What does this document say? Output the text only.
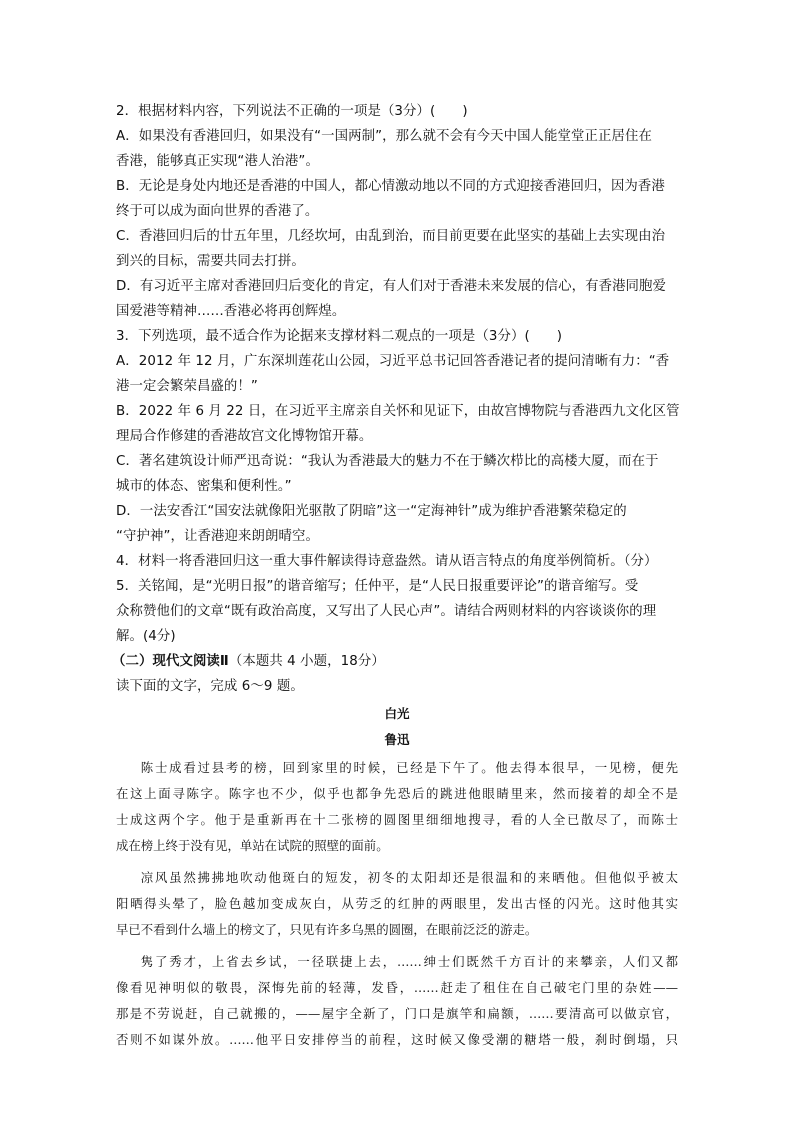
2．根据材料内容，下列说法不正确的一项是（3分）(　　)

A．如果没有香港回归，如果没有“一国两制”，那么就不会有今天中国人能堂堂正正居住在

香港，能够真正实现“港人治港”。

B．无论是身处内地还是香港的中国人，都心情激动地以不同的方式迎接香港回归，因为香港

终于可以成为面向世界的香港了。

C．香港回归后的廿五年里，几经坎坷，由乱到治，而目前更要在此坚实的基础上去实现由治

到兴的目标，需要共同去打拼。

D．有习近平主席对香港回归后变化的肯定，有人们对于香港未来发展的信心，有香港同胞爱

国爱港等精神……香港必将再创辉煌。

3．下列选项，最不适合作为论据来支撑材料二观点的一项是（3分）(　　)

A．2012 年 12 月，广东深圳莲花山公园，习近平总书记回答香港记者的提问清晰有力：“香

港一定会繁荣昌盛的！”

B．2022 年 6 月 22 日，在习近平主席亲自关怀和见证下，由故宫博物院与香港西九文化区管

理局合作修建的香港故宫文化博物馆开幕。

C．著名建筑设计师严迅奇说：“我认为香港最大的魅力不在于鳞次栉比的高楼大厦，而在于

城市的体态、密集和便利性。”

D．一法安香江“国安法就像阳光驱散了阴暗”这一“定海神针”成为维护香港繁荣稳定的

“守护神”，让香港迎来朗朗晴空。

4．材料一将香港回归这一重大事件解读得诗意盎然。请从语言特点的角度举例简析。（分）

5．关铭闻，是“光明日报”的谐音缩写；任仲平，是“人民日报重要评论”的谐音缩写。受

众称赞他们的文章“既有政治高度，又写出了人民心声”。请结合两则材料的内容谈谈你的理

解。(4分)

（二）现代文阅读Ⅱ（本题共 4 小题，18分）

读下面的文字，完成 6～9 题。

白光

鲁迅

陈士成看过县考的榜，回到家里的时候，已经是下午了。他去得本很早，一见榜，便先
在这上面寻陈字。陈字也不少，似乎也都争先恐后的跳进他眼睛里来，然而接着的却全不是
士成这两个字。他于是重新再在十二张榜的圆图里细细地搜寻，看的人全已散尽了，而陈士
成在榜上终于没有见，单站在试院的照壁的面前。
凉风虽然拂拂地吹动他斑白的短发，初冬的太阳却还是很温和的来晒他。但他似乎被太
阳晒得头晕了，脸色越加变成灰白，从劳乏的红肿的两眼里，发出古怪的闪光。这时他其实
早已不看到什么墙上的榜文了，只见有许多乌黑的圆圈，在眼前泛泛的游走。
隽了秀才，上省去乡试，一径联捷上去，……绅士们既然千方百计的来攀亲，人们又都
像看见神明似的敬畏，深悔先前的轻薄，发昏，……赶走了租住在自己破宅门里的杂姓——
那是不劳说赶，自己就搬的，——屋宇全新了，门口是旗竿和扁额，……要清高可以做京官，
否则不如谋外放。……他平日安排停当的前程，这时候又像受潮的糖塔一般，刹时倒塌，只
